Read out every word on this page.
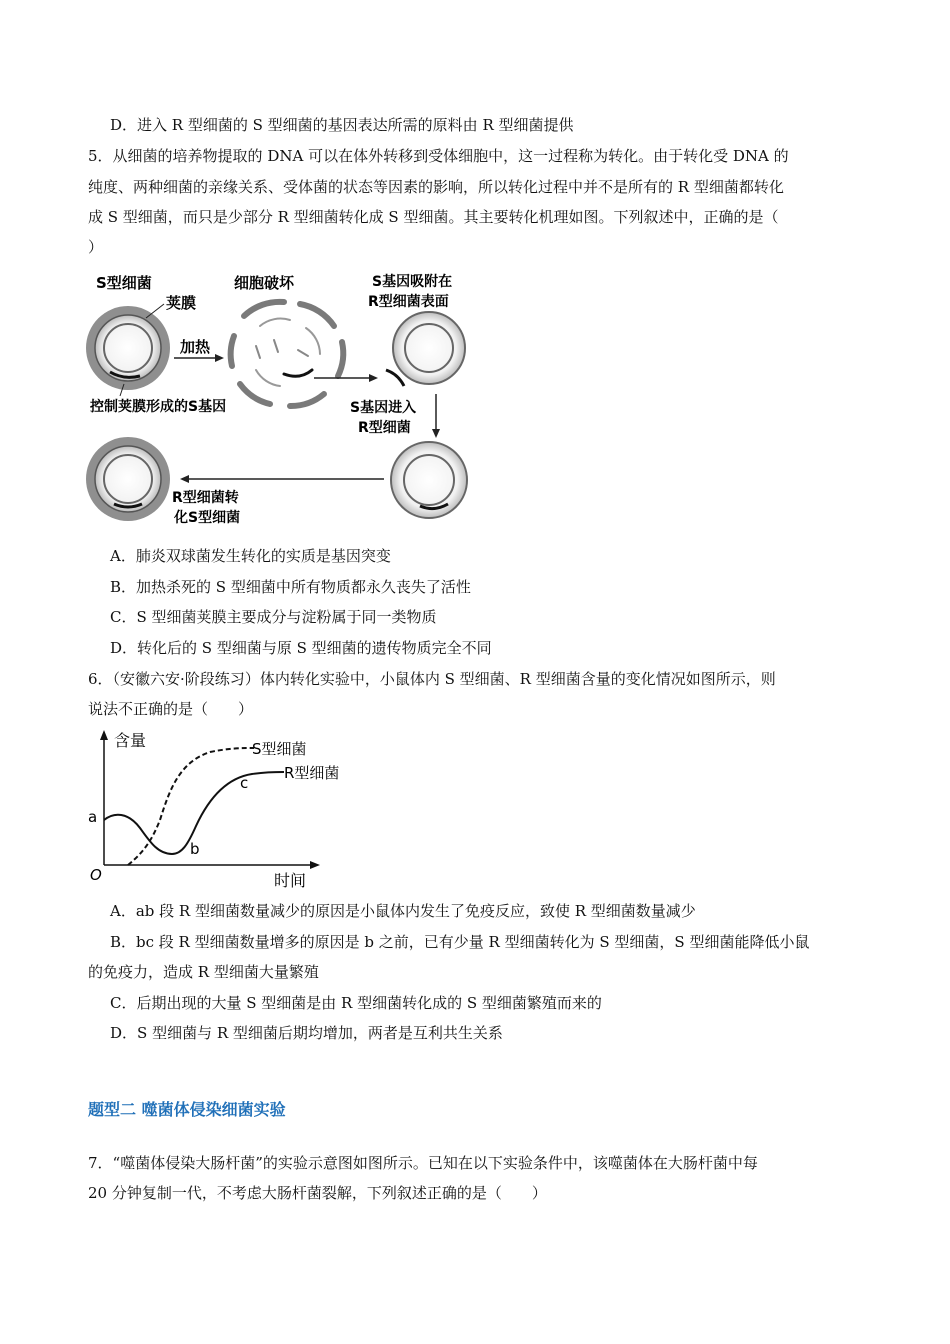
D．进入 R 型细菌的 S 型细菌的基因表达所需的原料由 R 型细菌提供
5．从细菌的培养物提取的 DNA 可以在体外转移到受体细胞中，这一过程称为转化。由于转化受 DNA 的
纯度、两种细菌的亲缘关系、受体菌的状态等因素的影响，所以转化过程中并不是所有的 R 型细菌都转化
成 S 型细菌，而只是少部分 R 型细菌转化成 S 型细菌。其主要转化机理如图。下列叙述中，正确的是（
）
S型细菌
荚膜
控制荚膜形成的S基因
加热
细胞破坏	S基因吸附在
R型细菌表面
S基因进入
R型细菌
R型细菌转
化S型细菌
A．肺炎双球菌发生转化的实质是基因突变
B．加热杀死的 S 型细菌中所有物质都永久丧失了活性
C．S 型细菌荚膜主要成分与淀粉属于同一类物质
D．转化后的 S 型细菌与原 S 型细菌的遗传物质完全不同
6．（安徽六安·阶段练习）体内转化实验中，小鼠体内 S 型细菌、R 型细菌含量的变化情况如图所示，则
说法不正确的是（　　）
含量
时间
O
S型细菌
R型细菌
a
b
c
A．ab 段 R 型细菌数量减少的原因是小鼠体内发生了免疫反应，致使 R 型细菌数量减少
B．bc 段 R 型细菌数量增多的原因是 b 之前，已有少量 R 型细菌转化为 S 型细菌，S 型细菌能降低小鼠
的免疫力，造成 R 型细菌大量繁殖
C．后期出现的大量 S 型细菌是由 R 型细菌转化成的 S 型细菌繁殖而来的
D．S 型细菌与 R 型细菌后期均增加，两者是互利共生关系
题型二 噬菌体侵染细菌实验
7．“噬菌体侵染大肠杆菌”的实验示意图如图所示。已知在以下实验条件中，该噬菌体在大肠杆菌中每
20 分钟复制一代，不考虑大肠杆菌裂解，下列叙述正确的是（　　）
